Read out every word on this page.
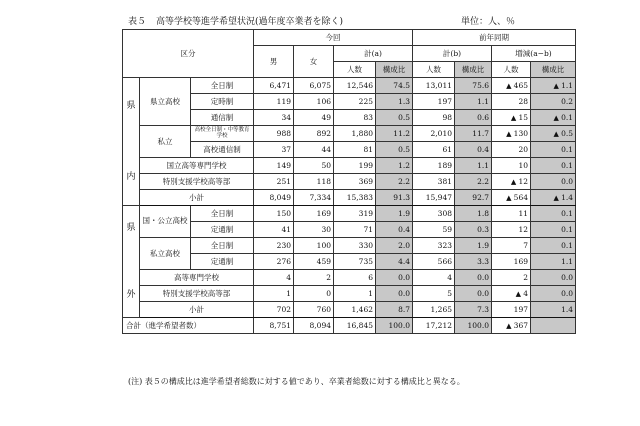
表５ 高等学校等進学希望状況(過年度卒業者を除く)	単位：人、％
区分			今回				前年同期			
			男	女	計(a)		計(b)		増減(a−b)	
					人数	構成比	人数	構成比	人数	構成比

県
内	県立高校	全日制	6,471	6,075	12,546	74.5	13,011	75.6	▲ 465	▲ 1.1
		定時制	119	106	225	1.3	197	1.1	28	0.2
		通信制	34	49	83	0.5	98	0.6	▲ 15	▲ 0.1
	私立	高校全日制・中等教育学校	988	892	1,880	11.2	2,010	11.7	▲ 130	▲ 0.5
		高校通信制	37	44	81	0.5	61	0.4	20	0.1
	国立高等専門学校		149	50	199	1.2	189	1.1	10	0.1
	特別支援学校高等部		251	118	369	2.2	381	2.2	▲ 12	0.0
	小計		8,049	7,334	15,383	91.3	15,947	92.7	▲ 564	▲ 1.4

県
外	国・公立高校	全日制	150	169	319	1.9	308	1.8	11	0.1
		定通制	41	30	71	0.4	59	0.3	12	0.1
	私立高校	全日制	230	100	330	2.0	323	1.9	7	0.1
		定通制	276	459	735	4.4	566	3.3	169	1.1
	高等専門学校		4	2	6	0.0	4	0.0	2	0.0
	特別支援学校高等部		1	0	1	0.0	5	0.0	▲ 4	0.0
	小計		702	760	1,462	8.7	1,265	7.3	197	1.4
合計（進学希望者数）			8,751	8,094	16,845	100.0	17,212	100.0	▲ 367	
(注) 表５の構成比は進学希望者総数に対する値であり、卒業者総数に対する構成比と異なる。
